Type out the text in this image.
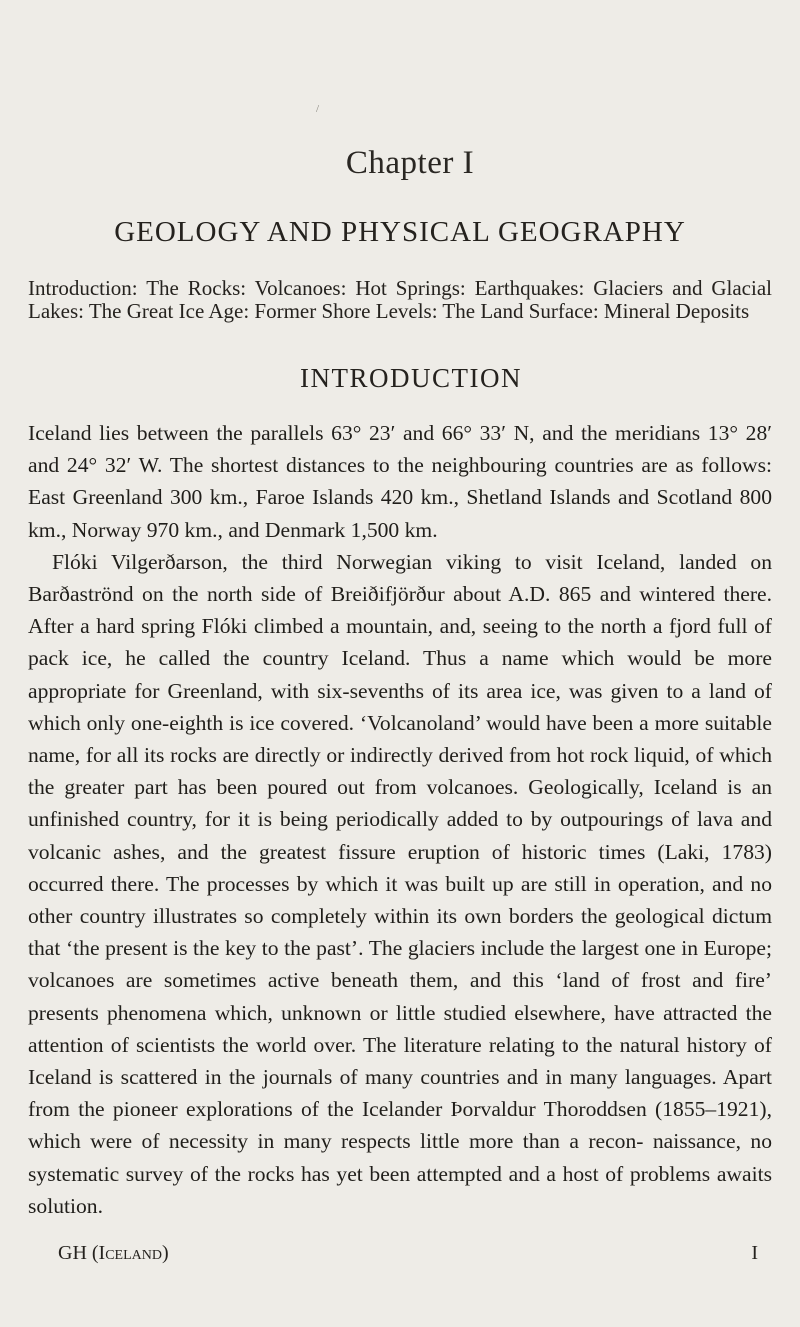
/
Chapter I
GEOLOGY AND PHYSICAL GEOGRAPHY
Introduction: The Rocks: Volcanoes: Hot Springs: Earthquakes: Glaciers and Glacial Lakes: The Great Ice Age: Former Shore Levels: The Land Surface: Mineral Deposits
INTRODUCTION

Iceland lies between the parallels 63° 23′ and 66° 33′ N, and the meridians 13° 28′ and 24° 32′ W. The shortest distances to the neighbouring countries are as follows: East Greenland 300 km., Faroe Islands 420 km., Shetland Islands and Scotland 800 km., Norway 970 km., and Denmark 1,500 km.

Flóki Vilgerðarson, the third Norwegian viking to visit Iceland, landed on Barðaströnd on the north side of Breiðifjörður about A.D. 865 and wintered there. After a hard spring Flóki climbed a mountain, and, seeing to the north a fjord full of pack ice, he called the country Iceland. Thus a name which would be more appropriate for Greenland, with six-sevenths of its area ice, was given to a land of which only one-eighth is ice covered. ‘Volcanoland’ would have been a more suitable name, for all its rocks are directly or indirectly derived from hot rock liquid, of which the greater part has been poured out from volcanoes. Geologically, Iceland is an unfinished country, for it is being periodically added to by outpourings of lava and volcanic ashes, and the greatest fissure eruption of historic times (Laki, 1783) occurred there. The processes by which it was built up are still in operation, and no other country illustrates so completely within its own borders the geological dictum that ‘the present is the key to the past’. The glaciers include the largest one in Europe; volcanoes are sometimes active beneath them, and this ‘land of frost and fire’ presents phenomena which, unknown or little studied elsewhere, have attracted the attention of scientists the world over. The literature relating to the natural history of Iceland is scattered in the journals of many countries and in many languages. Apart from the pioneer explorations of the Icelander Þorvaldur Thoroddsen (1855–1921), which were of necessity in many respects little more than a recon- naissance, no systematic survey of the rocks has yet been attempted and a host of problems awaits solution.

GH (Iceland)	I
